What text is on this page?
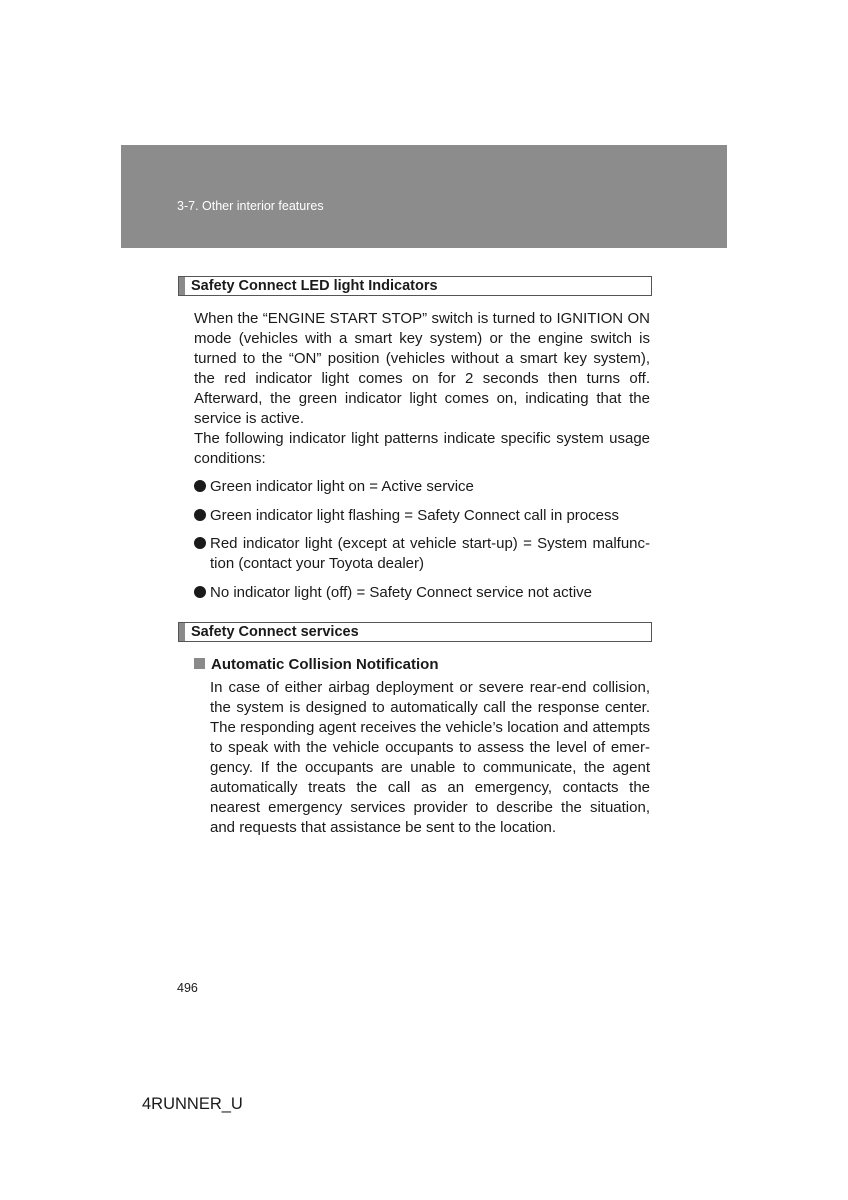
3-7. Other interior features
Safety Connect LED light Indicators
When the “ENGINE START STOP” switch is turned to IGNITION ON mode (vehicles with a smart key system) or the engine switch is turned to the “ON” position (vehicles without a smart key system), the red indicator light comes on for 2 seconds then turns off. Afterward, the green indicator light comes on, indicating that the service is active.
The following indicator light patterns indicate specific system usage conditions:
Green indicator light on = Active service
Green indicator light flashing = Safety Connect call in process
Red indicator light (except at vehicle start-up) = System malfunc-tion (contact your Toyota dealer)
No indicator light (off) = Safety Connect service not active
Safety Connect services
Automatic Collision Notification
In case of either airbag deployment or severe rear-end collision, the system is designed to automatically call the response center. The responding agent receives the vehicle’s location and attempts to speak with the vehicle occupants to assess the level of emer-gency. If the occupants are unable to communicate, the agent automatically treats the call as an emergency, contacts the nearest emergency services provider to describe the situation, and requests that assistance be sent to the location.
496
4RUNNER_U
